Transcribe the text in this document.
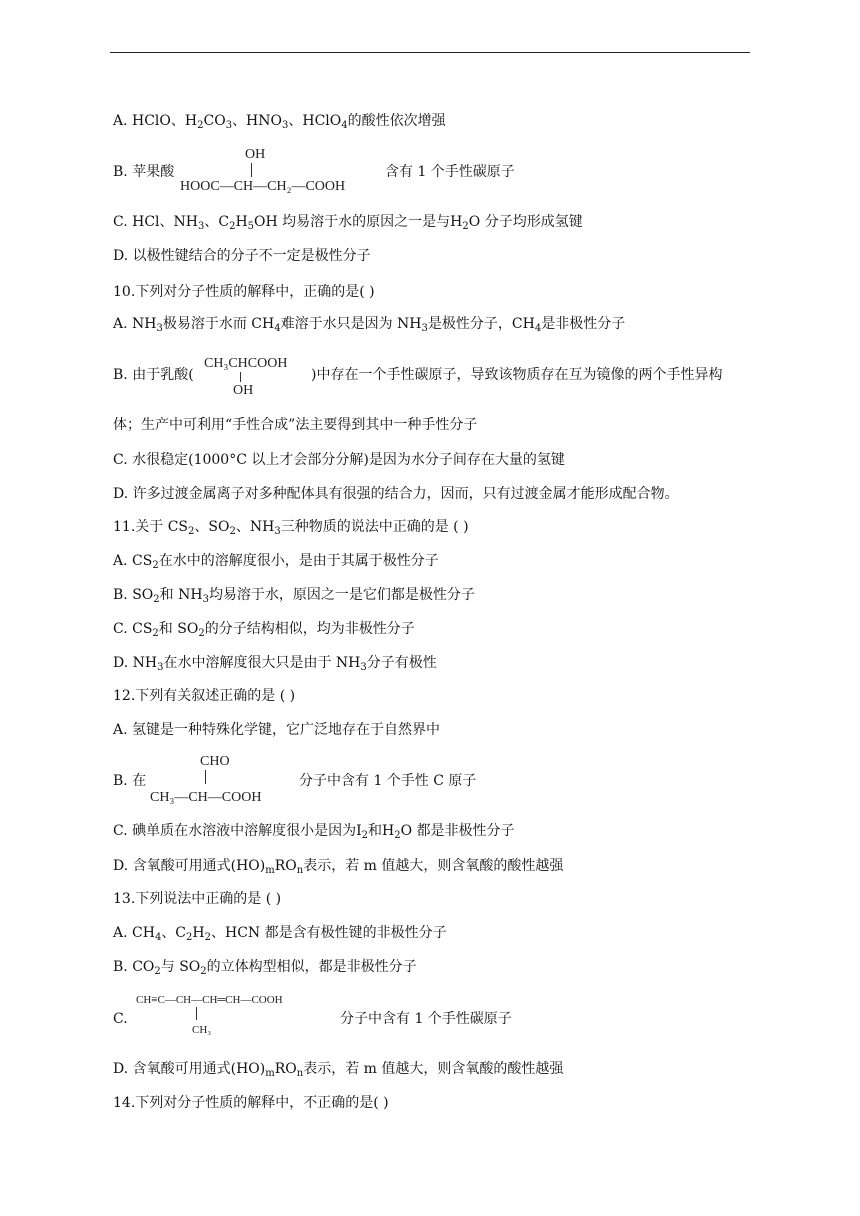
A. HClO、$H_2CO_3$、$HNO_3$、HClO$_4$的酸性依次增强
B. 苹果酸
OH
HOOC—CH—CH₂—COOH
含有 1 个手性碳原子
C. HCl、$NH_3$、$C_2H_5OH$ 均易溶于水的原因之一是与$H_2O$ 分子均形成氢键
D. 以极性键结合的分子不一定是极性分子
10.下列对分子性质的解释中，正确的是( )
A. $NH_3$极易溶于水而 $CH_4$难溶于水只是因为 $NH_3$是极性分子，$CH_4$是非极性分子
B. 由于乳酸(
CH₃CHCOOH
OH
)中存在一个手性碳原子，导致该物质存在互为镜像的两个手性异构
体；生产中可利用“手性合成”法主要得到其中一种手性分子
C. 水很稳定(1000°C 以上才会部分分解)是因为水分子间存在大量的氢键
D. 许多过渡金属离子对多种配体具有很强的结合力，因而，只有过渡金属才能形成配合物。
11.关于 $CS_2$、$SO_2$、$NH_3$三种物质的说法中正确的是 ( )
A. $CS_2$在水中的溶解度很小，是由于其属于极性分子
B. $SO_2$和 $NH_3$均易溶于水，原因之一是它们都是极性分子
C. $CS_2$和 $SO_2$的分子结构相似，均为非极性分子
D. $NH_3$在水中溶解度很大只是由于 $NH_3$分子有极性
12.下列有关叙述正确的是 ( )
A. 氢键是一种特殊化学键，它广泛地存在于自然界中
B. 在
CHO
CH₃—CH—COOH
分子中含有 1 个手性 C 原子
C. 碘单质在水溶液中溶解度很小是因为$I_2$和$H_2O$ 都是非极性分子
D. 含氧酸可用通式$(HO)_mRO_n$表示，若 m 值越大，则含氧酸的酸性越强
13.下列说法中正确的是 ( )
A. $CH_4$、$C_2H_2$、HCN 都是含有极性键的非极性分子
B. $CO_2$与 $SO_2$的立体构型相似，都是非极性分子
C.
CH≡C—CH—CH═CH—COOH
CH₃
分子中含有 1 个手性碳原子
D. 含氧酸可用通式$(HO)_mRO_n$表示，若 m 值越大，则含氧酸的酸性越强
14.下列对分子性质的解释中，不正确的是( )
